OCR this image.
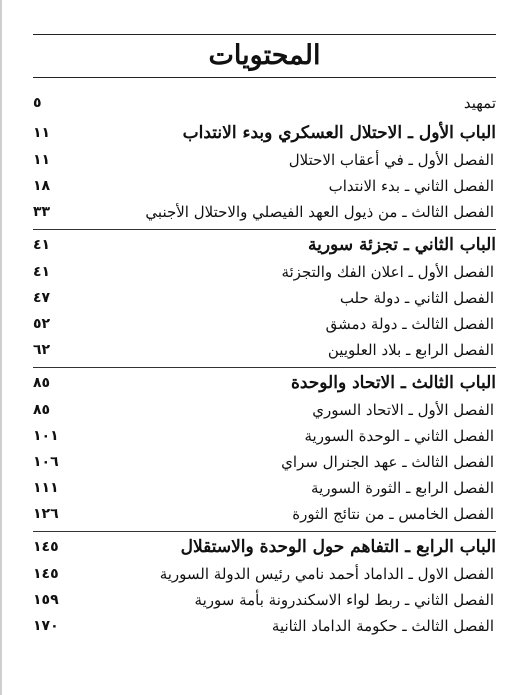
المحتويات
تمهيد
٥
الباب الأول ـ الاحتلال العسكري وبدء الانتداب
١١
الفصل الأول ـ في أعقاب الاحتلال
١١
الفصل الثاني ـ بدء الانتداب
١٨
الفصل الثالث ـ من ذيول العهد الفيصلي والاحتلال الأجنبي
٣٣
الباب الثاني ـ تجزئة سورية
٤١
الفصل الأول ـ اعلان الفك والتجزئة
٤١
الفصل الثاني ـ دولة حلب
٤٧
الفصل الثالث ـ دولة دمشق
٥٢
الفصل الرابع ـ بلاد العلويين
٦٢
الباب الثالث ـ الاتحاد والوحدة
٨٥
الفصل الأول ـ الاتحاد السوري
٨٥
الفصل الثاني ـ الوحدة السورية
١٠١
الفصل الثالث ـ عهد الجنرال سراي
١٠٦
الفصل الرابع ـ الثورة السورية
١١١
الفصل الخامس ـ من نتائج الثورة
١٢٦
الباب الرابع ـ التفاهم حول الوحدة والاستقلال
١٤٥
الفصل الاول ـ الداماد أحمد نامي رئيس الدولة السورية
١٤٥
الفصل الثاني ـ ربط لواء الاسكندرونة بأمة سورية
١٥٩
الفصل الثالث ـ حكومة الداماد الثانية
١٧٠
